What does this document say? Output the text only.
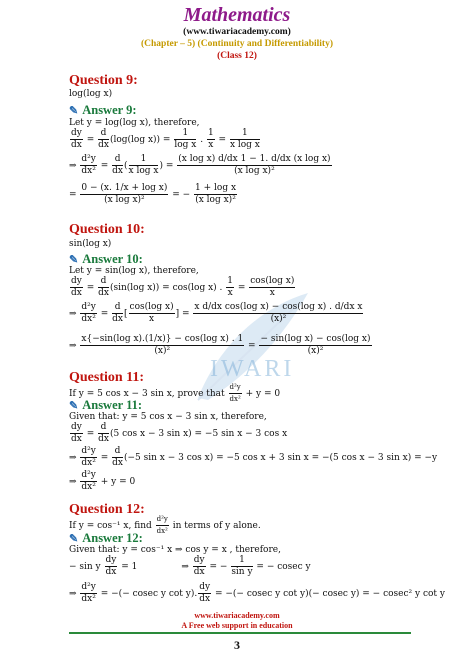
IWARI
Mathematics
(www.tiwariacademy.com)
(Chapter – 5) (Continuity and Differentiability)
(Class 12)
Question 9:
log(log x)
✎ Answer 9:
Let y = log(log x), therefore,
$\frac{dy}{dx} = \frac{d}{dx} (\log(\log$ $x)) = \frac{1}{\text{log x}}$ . $\frac{1}{x} = \frac{1}{\text{x log x}}$
⇒ $\frac{\text{d²y}}{\text{dx²}} = \frac{d}{dx}$ ( $\frac{1}{\text{x log x}}$ ) = $\frac{\text{(x log x) d/dx 1 − 1. d/dx (x log x)}}{\text{(x log x)²}}$
= $\frac{\text{0 − (x. 1/x + log x)}}{\text{(x log x)²}}$ = − $\frac{\text{1 + log x}}{\text{(x log x)²}}$
Question 10:
sin(log x)
✎ Answer 10:
Let y = sin(log x), therefore,
$\frac{dy}{dx} = \frac{d}{dx} (\sin(\log$ x)) = cos(log x) . $\frac{1}{x} = \frac{\text{cos(log x)}}{x}$
⇒ $\frac{\text{d²y}}{\text{dx²}} = \frac{d}{dx}$ [ $\frac{\text{cos(log x)}}{x}$ ] = $\frac{\text{x d/dx cos(log x) − cos(log x) . d/dx x}}{\text{(x)²}}$
⇒ $\frac{\text{x\{−sin(log x).(1/x)\} − cos(log x) . 1}}{\text{(x)²}} = \frac{\text{− sin(log x) − cos(log x)}}{\text{(x)²}}$
Question 11:
If y = 5 cos x − 3 sin x, prove that $\frac{\text{d²y}}{\text{dx²}} + y = 0$
✎ Answer 11:
Given that: y = 5 cos x − 3 sin x, therefore,
$\frac{dy}{dx} = \frac{d}{dx} (5$ cos x − 3 sin x) = −5 sin x − 3 cos x
⇒ $\frac{\text{d²y}}{\text{dx²}} = \frac{d}{dx} (-5$ sin x − 3 cos x) = −5 cos x + 3 sin x = −(5 cos x − 3 sin x) = −y
⇒ $\frac{\text{d²y}}{\text{dx²}} + y = 0$
Question 12:
If y = cos⁻¹ x, find $\frac{\text{d²y}}{\text{dx²}}$ in terms of y alone.
✎ Answer 12:
Given that: y = cos⁻¹ x ⇒ cos y = x , therefore,
− sin y $\frac{dy}{dx} = 1$	⇒ $\frac{dy}{dx}$ = − $\frac{1}{\text{sin y}}$ = − cosec y
⇒ $\frac{\text{d²y}}{\text{dx²}}$ = −(− cosec y cot y). $\frac{dy}{dx}$ = −(− cosec y cot y)(− cosec y) = − cosec² y cot y
www.tiwariacademy.com
A Free web support in education
3
